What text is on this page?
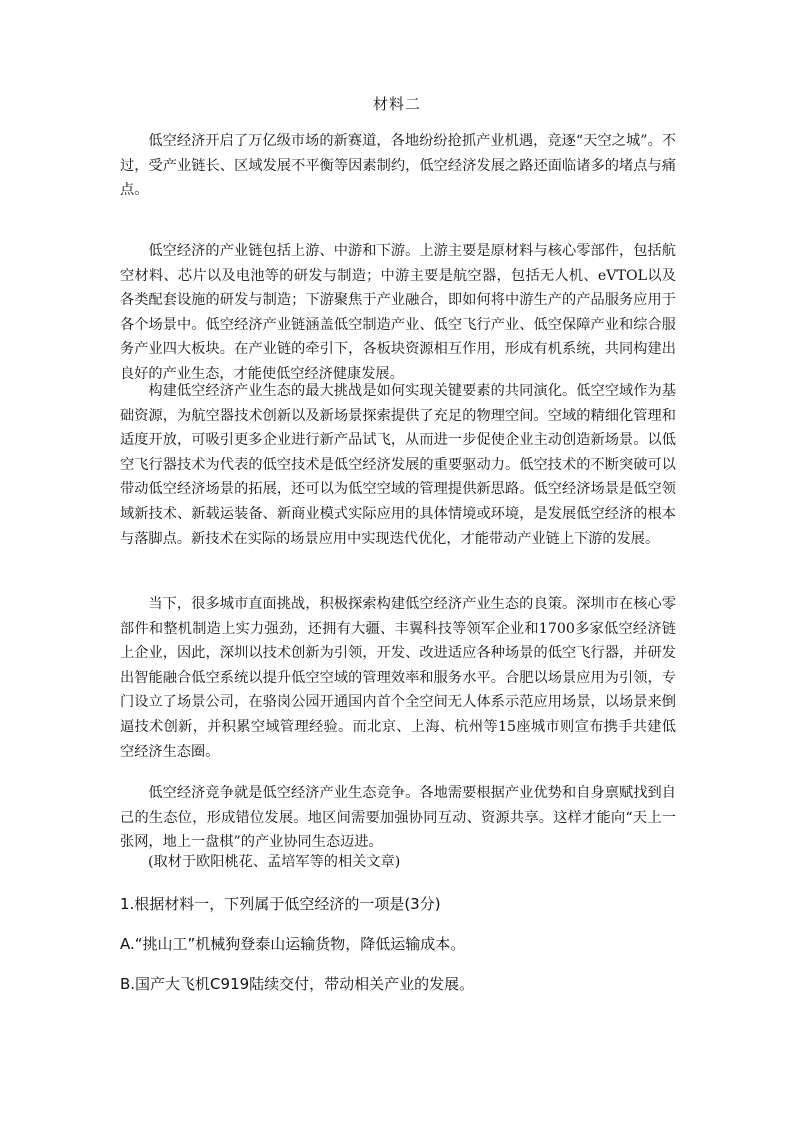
材料二

低空经济开启了万亿级市场的新赛道，各地纷纷抢抓产业机遇，竞逐“天空之城”。不过，受产业链长、区域发展不平衡等因素制约，低空经济发展之路还面临诸多的堵点与痛点。

低空经济的产业链包括上游、中游和下游。上游主要是原材料与核心零部件，包括航空材料、芯片以及电池等的研发与制造；中游主要是航空器，包括无人机、eVTOL以及各类配套设施的研发与制造；下游聚焦于产业融合，即如何将中游生产的产品服务应用于各个场景中。低空经济产业链涵盖低空制造产业、低空飞行产业、低空保障产业和综合服务产业四大板块。在产业链的牵引下，各板块资源相互作用，形成有机系统，共同构建出良好的产业生态，才能使低空经济健康发展。

构建低空经济产业生态的最大挑战是如何实现关键要素的共同演化。低空空域作为基础资源，为航空器技术创新以及新场景探索提供了充足的物理空间。空域的精细化管理和适度开放，可吸引更多企业进行新产品试飞，从而进一步促使企业主动创造新场景。以低空飞行器技术为代表的低空技术是低空经济发展的重要驱动力。低空技术的不断突破可以带动低空经济场景的拓展，还可以为低空空域的管理提供新思路。低空经济场景是低空领域新技术、新载运装备、新商业模式实际应用的具体情境或环境，是发展低空经济的根本与落脚点。新技术在实际的场景应用中实现迭代优化，才能带动产业链上下游的发展。

当下，很多城市直面挑战，积极探索构建低空经济产业生态的良策。深圳市在核心零部件和整机制造上实力强劲，还拥有大疆、丰翼科技等领军企业和1700多家低空经济链上企业，因此，深圳以技术创新为引领，开发、改进适应各种场景的低空飞行器，并研发出智能融合低空系统以提升低空空域的管理效率和服务水平。合肥以场景应用为引领，专门设立了场景公司，在骆岗公园开通国内首个全空间无人体系示范应用场景，以场景来倒逼技术创新，并积累空域管理经验。而北京、上海、杭州等15座城市则宣布携手共建低空经济生态圈。

低空经济竞争就是低空经济产业生态竞争。各地需要根据产业优势和自身禀赋找到自己的生态位，形成错位发展。地区间需要加强协同互动、资源共享。这样才能向“天上一张网，地上一盘棋”的产业协同生态迈进。

(取材于欧阳桃花、孟培军等的相关文章)

1.根据材料一，下列属于低空经济的一项是(3分)

A.“挑山工”机械狗登泰山运输货物，降低运输成本。

B.国产大飞机C919陆续交付，带动相关产业的发展。
